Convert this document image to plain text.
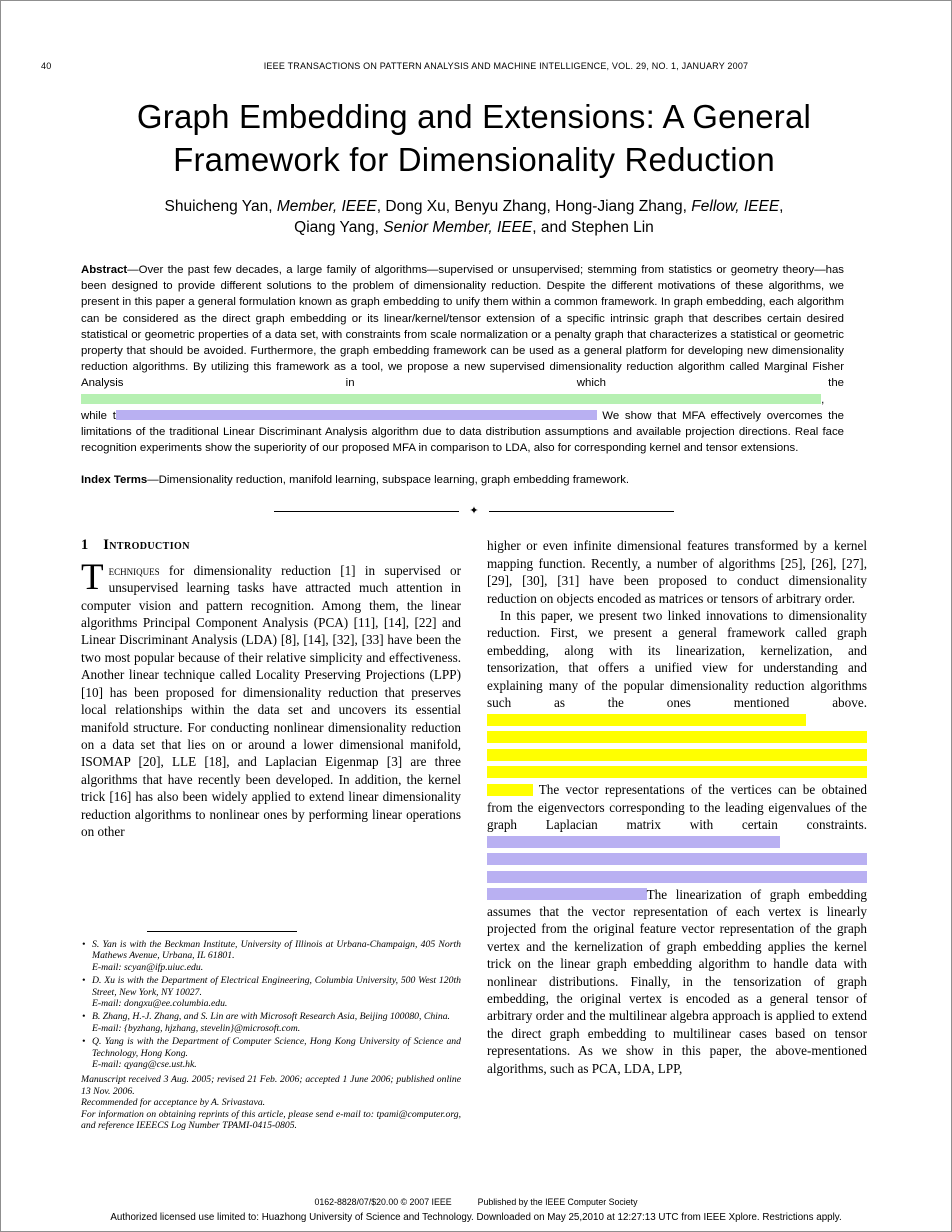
40	IEEE TRANSACTIONS ON PATTERN ANALYSIS AND MACHINE INTELLIGENCE, VOL. 29, NO. 1, JANUARY 2007
Graph Embedding and Extensions: A General
Framework for Dimensionality Reduction
Shuicheng Yan, Member, IEEE, Dong Xu, Benyu Zhang, Hong-Jiang Zhang, Fellow, IEEE,
Qiang Yang, Senior Member, IEEE, and Stephen Lin

Abstract—Over the past few decades, a large family of algorithms—supervised or unsupervised; stemming from statistics or geometry theory—has been designed to provide different solutions to the problem of dimensionality reduction. Despite the different motivations of these algorithms, we present in this paper a general formulation known as graph embedding to unify them within a common framework. In graph embedding, each algorithm can be considered as the direct graph embedding or its linear/kernel/tensor extension of a specific intrinsic graph that describes certain desired statistical or geometric properties of a data set, with constraints from scale normalization or a penalty graph that characterizes a statistical or geometric property that should be avoided. Furthermore, the graph embedding framework can be used as a general platform for developing new dimensionality reduction algorithms. By utilizing this framework as a tool, we propose a new supervised dimensionality reduction algorithm called Marginal Fisher Analysis in which the , while t	We show that MFA effectively overcomes the limitations of the traditional Linear Discriminant Analysis algorithm due to data distribution assumptions and available projection directions. Real face recognition experiments show the superiority of our proposed MFA in comparison to LDA, also for corresponding kernel and tensor extensions.

Index Terms—Dimensionality reduction, manifold learning, subspace learning, graph embedding framework.

✦
1 Introduction

Techniques for dimensionality reduction [1] in supervised or unsupervised learning tasks have attracted much attention in computer vision and pattern recognition. Among them, the linear algorithms Principal Component Analysis (PCA) [11], [14], [22] and Linear Discriminant Analysis (LDA) [8], [14], [32], [33] have been the two most popular because of their relative simplicity and effectiveness. Another linear technique called Locality Preserving Projections (LPP) [10] has been proposed for dimensionality reduction that preserves local relationships within the data set and uncovers its essential manifold structure. For conducting nonlinear dimensionality reduction on a data set that lies on or around a lower dimensional manifold, ISOMAP [20], LLE [18], and Laplacian Eigenmap [3] are three algorithms that have recently been developed. In addition, the kernel trick [16] has also been widely applied to extend linear dimensionality reduction algorithms to nonlinear ones by performing linear operations on other

• S. Yan is with the Beckman Institute, University of Illinois at Urbana-Champaign, 405 North Mathews Avenue, Urbana, IL 61801.
E-mail: scyan@ifp.uiuc.edu.
• D. Xu is with the Department of Electrical Engineering, Columbia University, 500 West 120th Street, New York, NY 10027.
E-mail: dongxu@ee.columbia.edu.
• B. Zhang, H.-J. Zhang, and S. Lin are with Microsoft Research Asia, Beijing 100080, China.
E-mail: {byzhang, hjzhang, stevelin}@microsoft.com.
• Q. Yang is with the Department of Computer Science, Hong Kong University of Science and Technology, Hong Kong.
E-mail: qyang@cse.ust.hk.

Manuscript received 3 Aug. 2005; revised 21 Feb. 2006; accepted 1 June 2006; published online 13 Nov. 2006.

Recommended for acceptance by A. Srivastava.

For information on obtaining reprints of this article, please send e-mail to: tpami@computer.org, and reference IEEECS Log Number TPAMI-0415-0805.

higher or even infinite dimensional features transformed by a kernel mapping function. Recently, a number of algorithms [25], [26], [27], [29], [30], [31] have been proposed to conduct dimensionality reduction on objects encoded as matrices or tensors of arbitrary order.

In this paper, we present two linked innovations to dimensionality reduction. First, we present a general framework called graph embedding, along with its linearization, kernelization, and tensorization, that offers a unified view for understanding and explaining many of the popular dimensionality reduction algorithms such as the ones mentioned above.  The vector representations of the vertices can be obtained from the eigenvectors corresponding to the leading eigenvalues of the graph Laplacian matrix with certain constraints. The linearization of graph embedding assumes that the vector representation of each vertex is linearly projected from the original feature vector representation of the graph vertex and the kernelization of graph embedding applies the kernel trick on the linear graph embedding algorithm to handle data with nonlinear distributions. Finally, in the tensorization of graph embedding, the original vertex is encoded as a general tensor of arbitrary order and the multilinear algebra approach is applied to extend the direct graph embedding to multilinear cases based on tensor representations. As we show in this paper, the above-mentioned algorithms, such as PCA, LDA, LPP,

0162-8828/07/$20.00 © 2007 IEEE	Published by the IEEE Computer Society
Authorized licensed use limited to: Huazhong University of Science and Technology. Downloaded on May 25,2010 at 12:27:13 UTC from IEEE Xplore. Restrictions apply.
